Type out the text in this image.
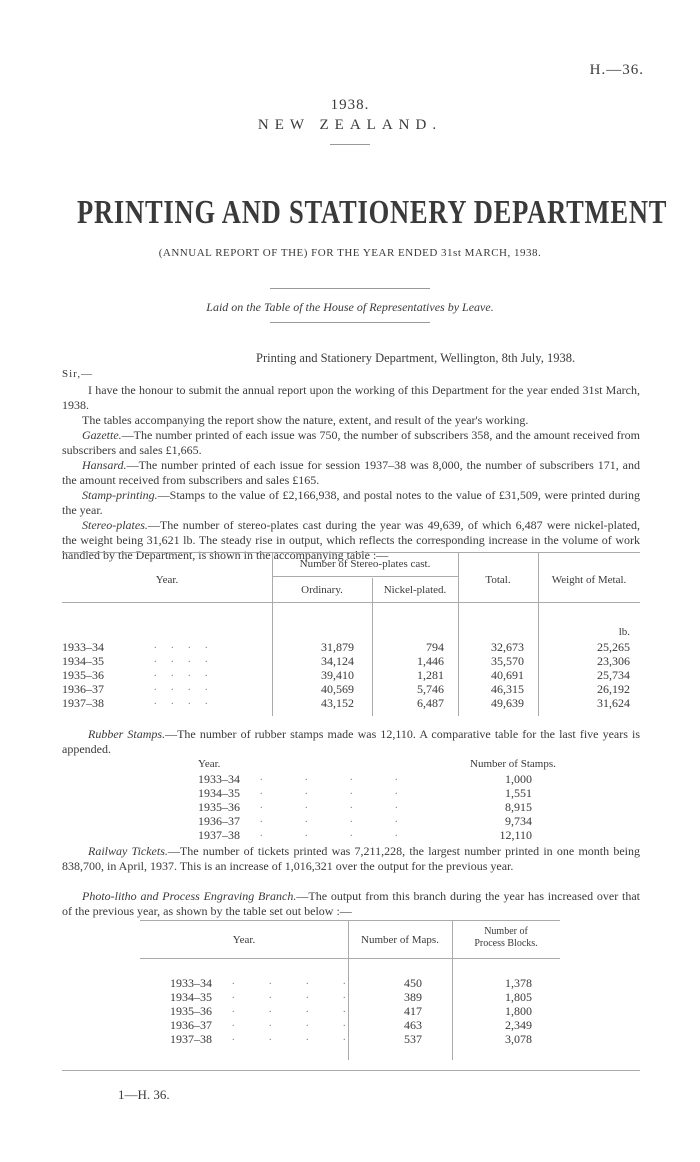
H.—36.
1938.
NEW ZEALAND.
PRINTING AND STATIONERY DEPARTMENT
(ANNUAL REPORT OF THE) FOR THE YEAR ENDED 31st MARCH, 1938.
Laid on the Table of the House of Representatives by Leave.
Printing and Stationery Department, Wellington, 8th July, 1938.
Sir,—
I have the honour to submit the annual report upon the working of this Department for the year ended 31st March, 1938.
The tables accompanying the report show the nature, extent, and result of the year's working.
Gazette.—The number printed of each issue was 750, the number of subscribers 358, and the amount received from subscribers and sales £1,665.
Hansard.—The number printed of each issue for session 1937–38 was 8,000, the number of subscribers 171, and the amount received from subscribers and sales £165.
Stamp-printing.—Stamps to the value of £2,166,938, and postal notes to the value of £31,509, were printed during the year.
Stereo-plates.—The number of stereo-plates cast during the year was 49,639, of which 6,487 were nickel-plated, the weight being 31,621 lb. The steady rise in output, which reflects the corresponding increase in the volume of work handled by the Department, is shown in the accompanying table :—
Number of Stereo-plates cast.
Year.
Ordinary.	Nickel-plated.
Total.	Weight of Metal.
lb.
1933–34	. . . .	31,879	794	32,673	25,265
1934–35	. . . .	34,124	1,446	35,570	23,306
1935–36	. . . .	39,410	1,281	40,691	25,734
1936–37	. . . .	40,569	5,746	46,315	26,192
1937–38	. . . .	43,152	6,487	49,639	31,624
Rubber Stamps.—The number of rubber stamps made was 12,110. A comparative table for the last five years is appended.
Year.	Number of Stamps.
1933–34 . . . .	1,000
1934–35 . . . .	1,551
1935–36 . . . .	8,915
1936–37 . . . .	9,734
1937–38 . . . .	12,110
Railway Tickets.—The number of tickets printed was 7,211,228, the largest number printed in one month being 838,700, in April, 1937. This is an increase of 1,016,321 over the output for the previous year.
Photo-litho and Process Engraving Branch.—The output from this branch during the year has increased over that of the previous year, as shown by the table set out below :—
Year.	Number of Maps.
Number of
Process Blocks.
1933–34 . . . .	450	1,378
1934–35 . . . .	389	1,805
1935–36 . . . .	417	1,800
1936–37 . . . .	463	2,349
1937–38 . . . .	537	3,078
1—H. 36.
